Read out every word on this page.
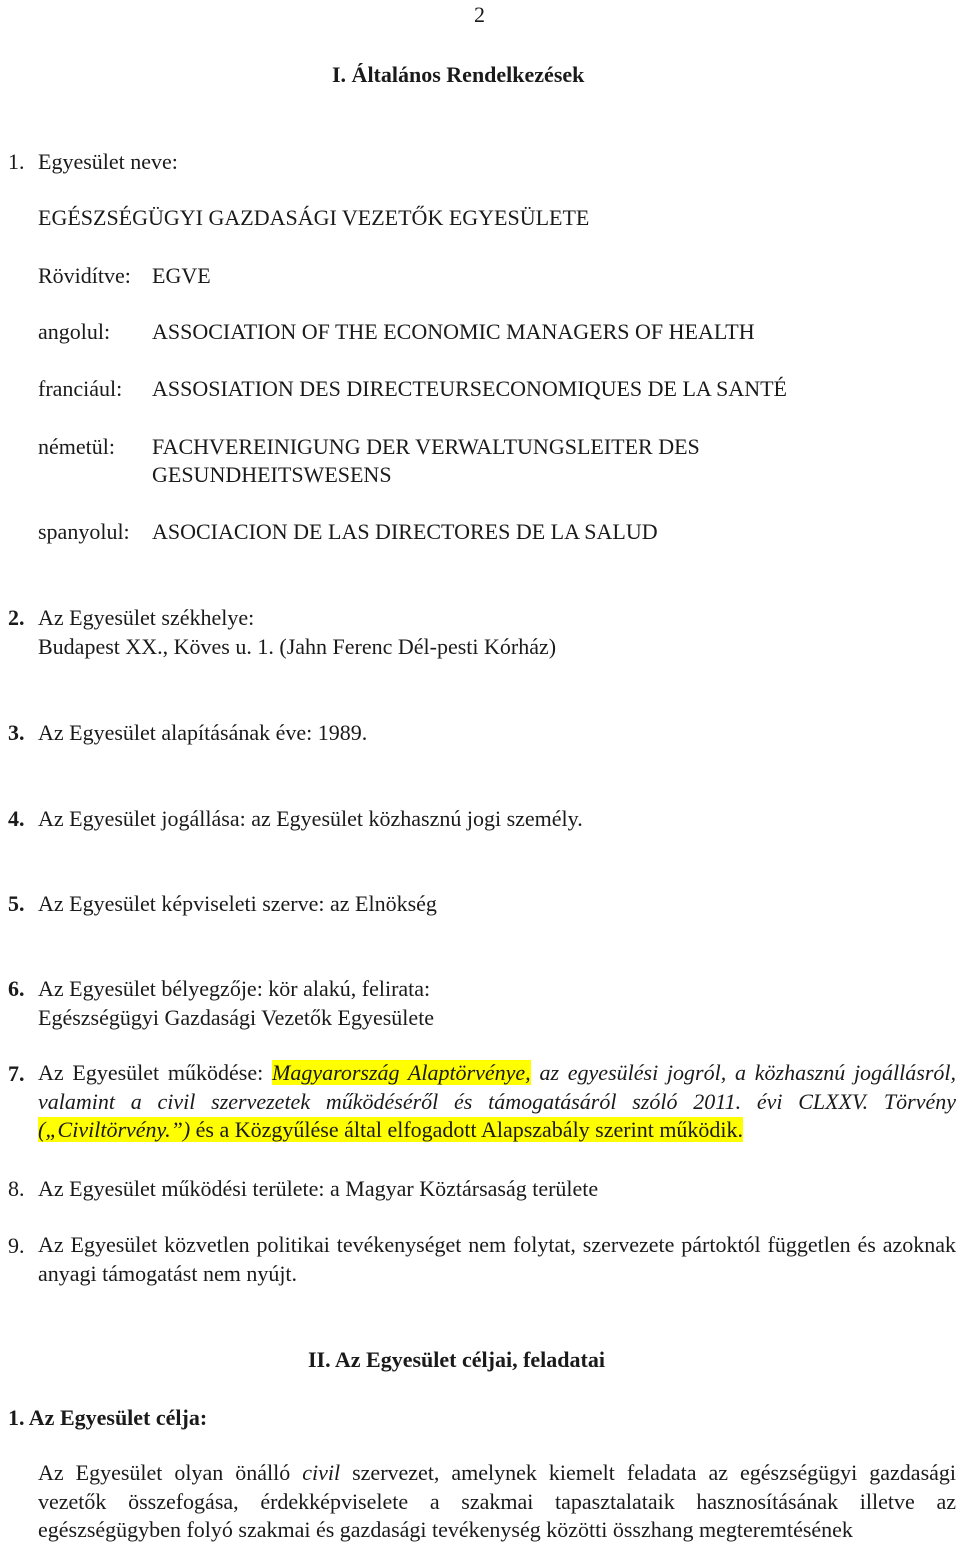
2
I. Általános Rendelkezések
1. Egyesület neve:
EGÉSZSÉGÜGYI GAZDASÁGI VEZETŐK EGYESÜLETE
Rövidítve: EGVE
angolul: ASSOCIATION OF THE ECONOMIC MANAGERS OF HEALTH
franciául: ASSOSIATION DES DIRECTEURSECONOMIQUES DE LA SANTÉ
németül: FACHVEREINIGUNG DER VERWALTUNGSLEITER DES
GESUNDHEITSWESENS
spanyolul: ASOCIACION DE LAS DIRECTORES DE LA SALUD
2. Az Egyesület székhelye:
Budapest XX., Köves u. 1. (Jahn Ferenc Dél-pesti Kórház)
3. Az Egyesület alapításának éve: 1989.
4. Az Egyesület jogállása: az Egyesület közhasznú jogi személy.
5. Az Egyesület képviseleti szerve: az Elnökség
6. Az Egyesület bélyegzője: kör alakú, felirata:
Egészségügyi Gazdasági Vezetők Egyesülete
7. Az Egyesület működése: Magyarország Alaptörvénye, az egyesülési jogról, a közhasznú jogállásról, valamint a civil szervezetek működéséről és támogatásáról szóló 2011. évi CLXXV. Törvény („Civiltörvény.”) és a Közgyűlése által elfogadott Alapszabály szerint működik.
8. Az Egyesület működési területe: a Magyar Köztársaság területe
9. Az Egyesület közvetlen politikai tevékenységet nem folytat, szervezete pártoktól független és azoknak anyagi támogatást nem nyújt.
II. Az Egyesület céljai, feladatai
1. Az Egyesület célja:
Az Egyesület olyan önálló civil szervezet, amelynek kiemelt feladata az egészségügyi gazdasági vezetők összefogása, érdekképviselete a szakmai tapasztalataik hasznosításának illetve az egészségügyben folyó szakmai és gazdasági tevékenység közötti összhang megteremtésének
